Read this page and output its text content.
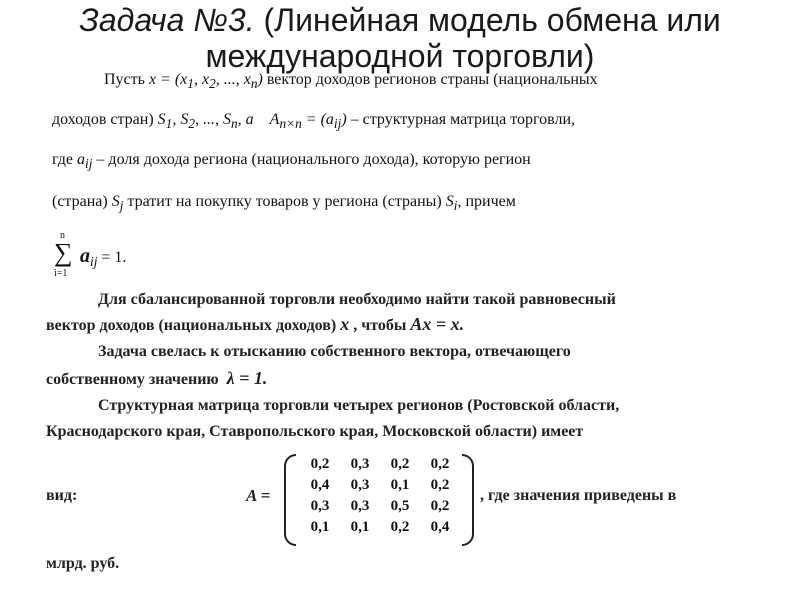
Задача №3. (Линейная модель обмена или
международной торговли)
Пусть $x = (x_1$, $x_2$, ..., $x_n$) вектор доходов регионов страны (национальных
доходов стран) $S_1$, $S_2$, ..., $S_n$, а $A_{n\times n} = (a_{ij})$ – структурная матрица торговли,
где $a_{ij}$ – доля дохода региона (национального дохода), которую регион
(страна) $S_j$ тратит на покупку товаров у региона (страны) $S_i$, причем
n
∑
i=1
$a_{ij} = 1$.
Для сбалансированной торговли необходимо найти такой равновесный
вектор доходов (национальных доходов) x , чтобы Ax = x.
Задача свелась к отысканию собственного вектора, отвечающего
собственному значению λ = 1.
Структурная матрица торговли четырех регионов (Ростовской области,
Краснодарского края, Ставропольского края, Московской области) имеет
вид:	A =
0,2	0,3	0,2	0,2
0,4	0,3	0,1	0,2
0,3	0,3	0,5	0,2
0,1	0,1	0,2	0,4
, где значения приведены в
млрд. руб.
